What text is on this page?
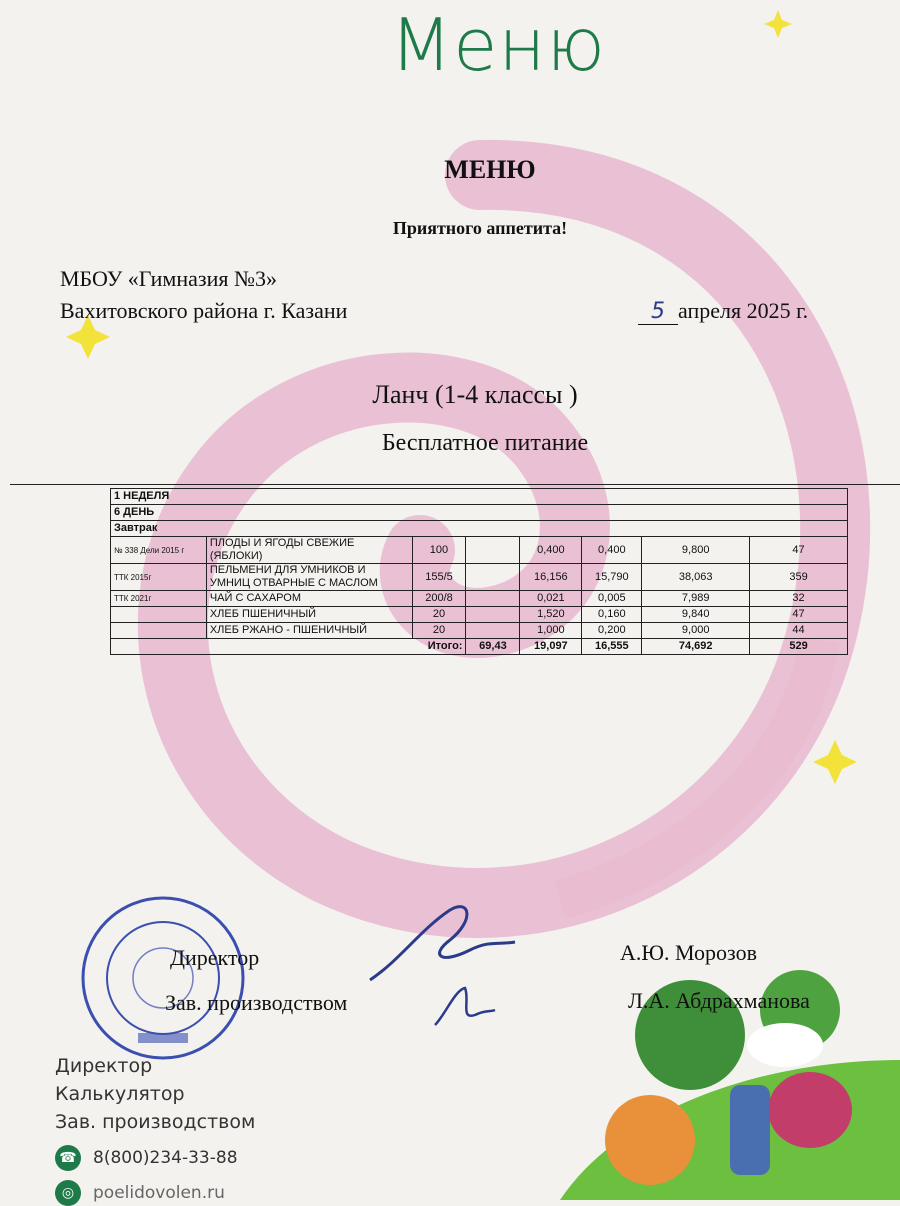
Меню
МЕНЮ
Приятного аппетита!
МБОУ «Гимназия №3»
Вахитовского района г. Казани	5 апреля 2025 г.
Ланч (1-4 классы )
Бесплатное питание
1 НЕДЕЛЯ							
6 ДЕНЬ							
Завтрак							
№ 338 Дели 2015 г	ПЛОДЫ И ЯГОДЫ СВЕЖИЕ (ЯБЛОКИ)	100		0,400	0,400	9,800	47
ТТК 2015г	ПЕЛЬМЕНИ ДЛЯ УМНИКОВ И УМНИЦ ОТВАРНЫЕ С МАСЛОМ	155/5		16,156	15,790	38,063	359
ТТК 2021г	ЧАЙ С САХАРОМ	200/8		0,021	0,005	7,989	32
	ХЛЕБ ПШЕНИЧНЫЙ	20		1,520	0,160	9,840	47
	ХЛЕБ РЖАНО - ПШЕНИЧНЫЙ	20		1,000	0,200	9,000	44
Итого:			69,43	19,097	16,555	74,692	529
Директор
Зав. производством
А.Ю. Морозов
Л.А. Абдрахманова
Директор
Калькулятор
Зав. производством
☎ 8(800)234-33-88
◎ poelidovolen.ru
